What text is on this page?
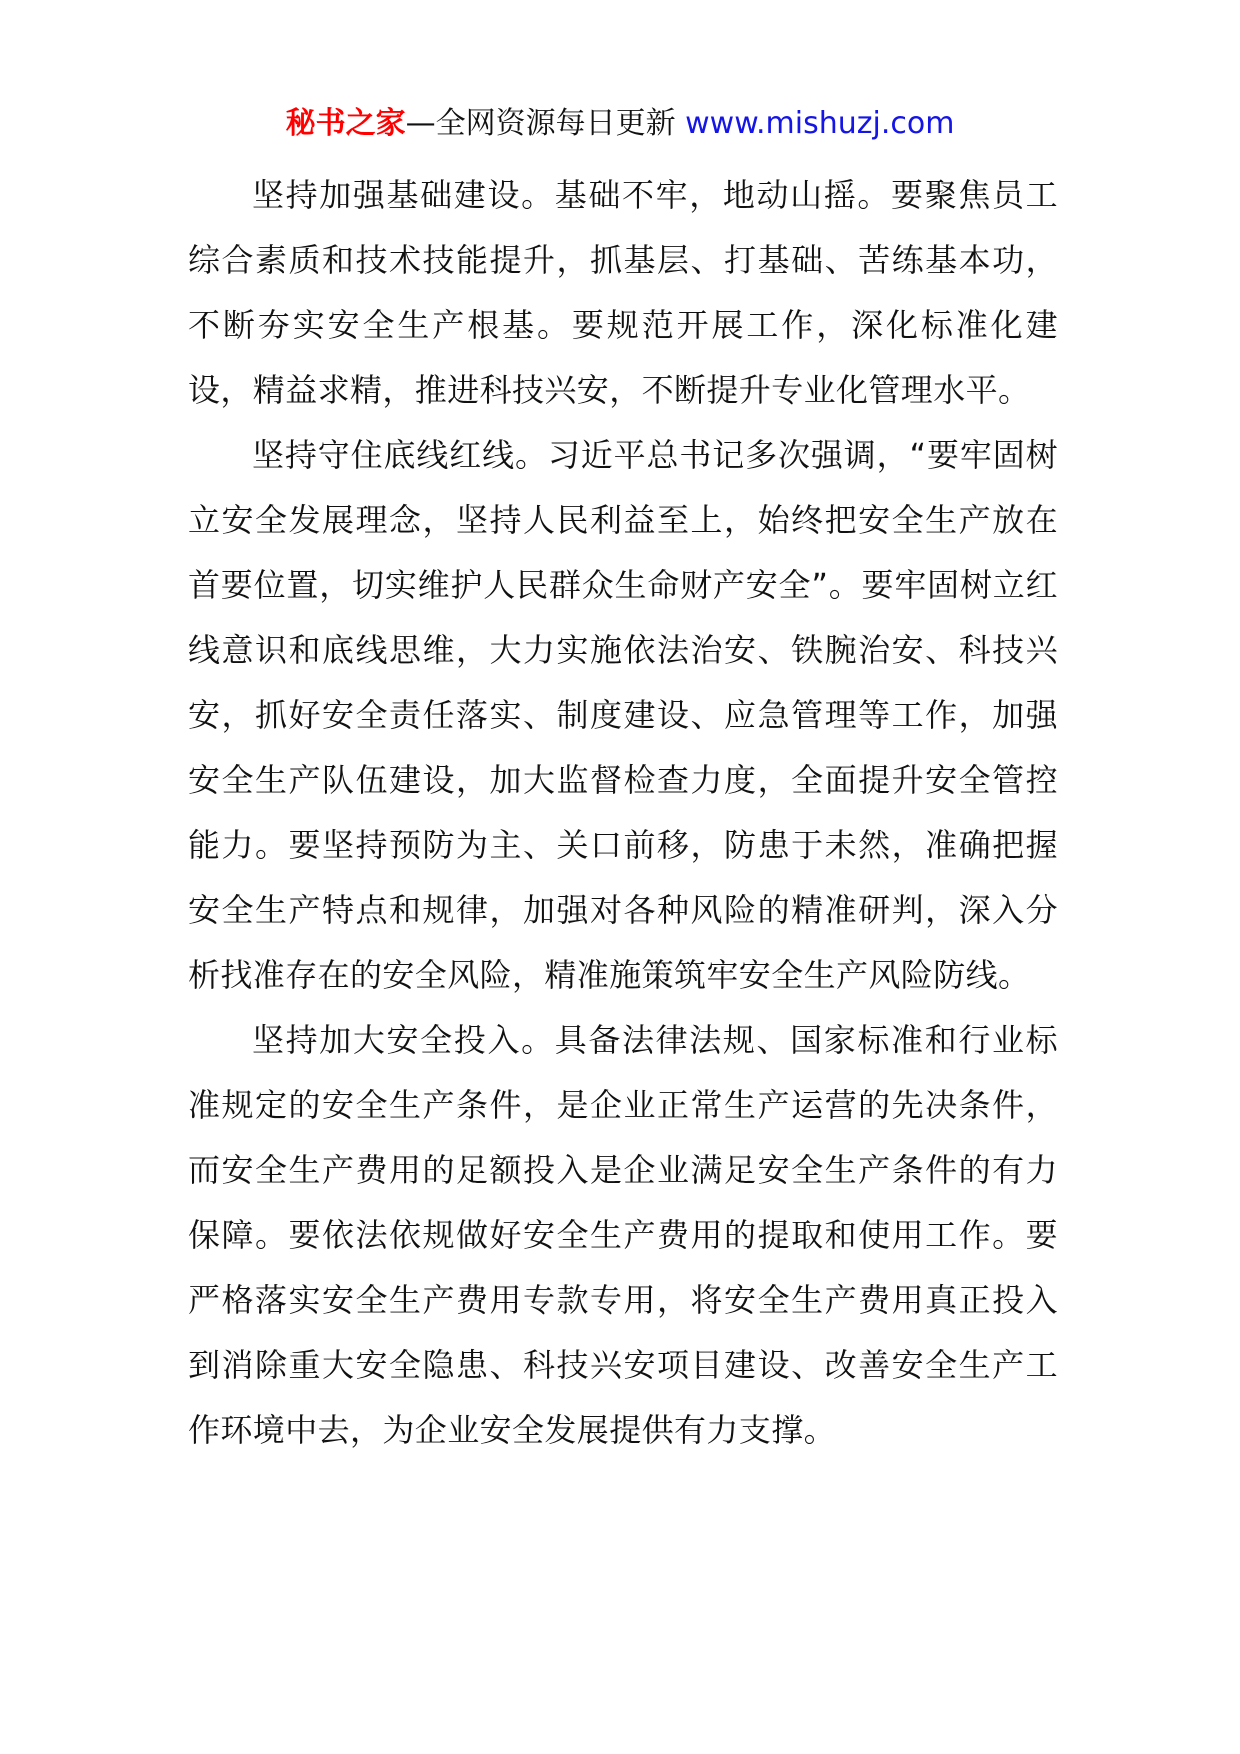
秘书之家—全网资源每日更新 www.mishuzj.com

坚持加强基础建设。基础不牢，地动山摇。要聚焦员工综合素质和技术技能提升，抓基层、打基础、苦练基本功，不断夯实安全生产根基。要规范开展工作，深化标准化建设，精益求精，推进科技兴安，不断提升专业化管理水平。

坚持守住底线红线。习近平总书记多次强调，“要牢固树立安全发展理念，坚持人民利益至上，始终把安全生产放在首要位置，切实维护人民群众生命财产安全”。要牢固树立红线意识和底线思维，大力实施依法治安、铁腕治安、科技兴安，抓好安全责任落实、制度建设、应急管理等工作，加强安全生产队伍建设，加大监督检查力度，全面提升安全管控能力。要坚持预防为主、关口前移，防患于未然，准确把握安全生产特点和规律，加强对各种风险的精准研判，深入分析找准存在的安全风险，精准施策筑牢安全生产风险防线。

坚持加大安全投入。具备法律法规、国家标准和行业标准规定的安全生产条件，是企业正常生产运营的先决条件，而安全生产费用的足额投入是企业满足安全生产条件的有力保障。要依法依规做好安全生产费用的提取和使用工作。要严格落实安全生产费用专款专用，将安全生产费用真正投入到消除重大安全隐患、科技兴安项目建设、改善安全生产工作环境中去，为企业安全发展提供有力支撑。
